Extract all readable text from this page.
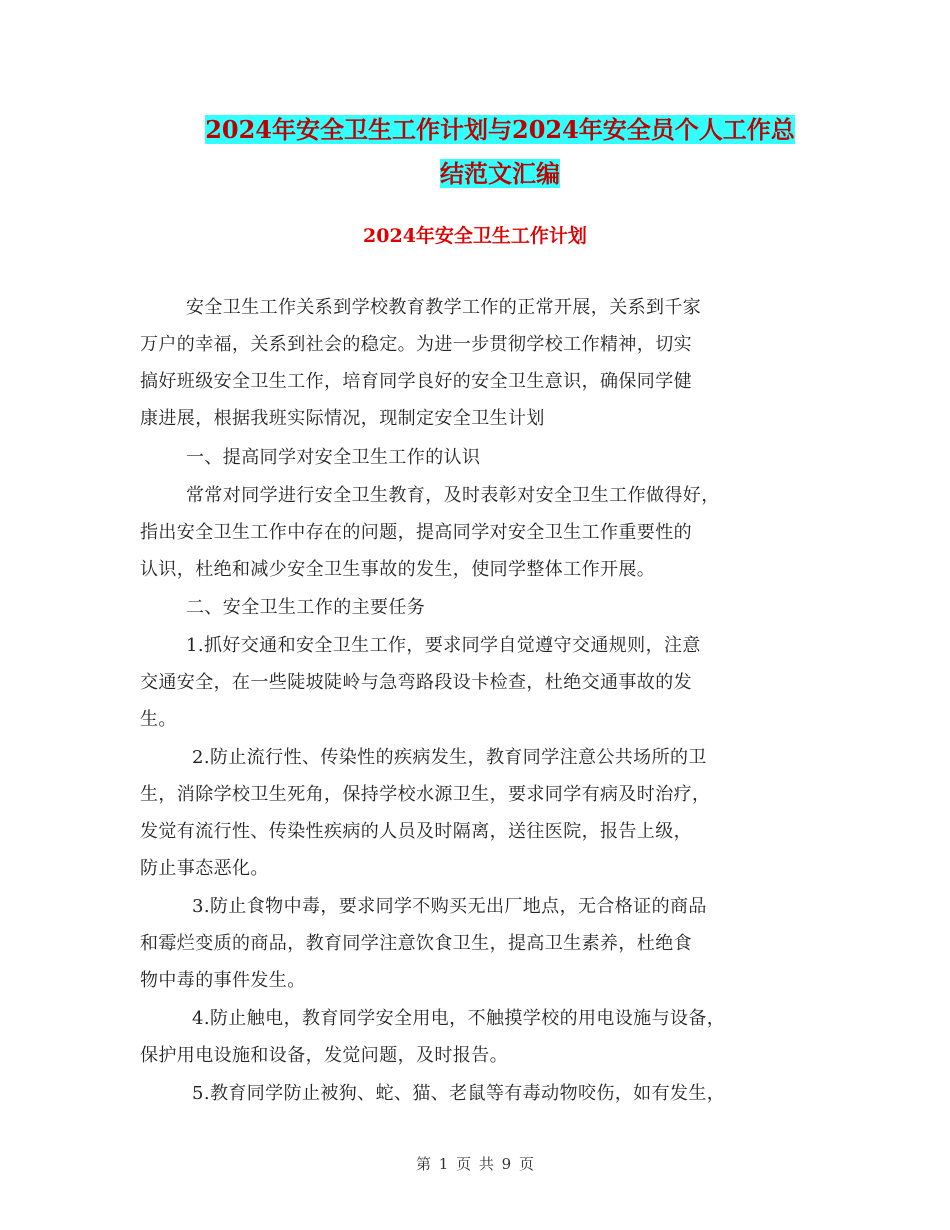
2024年安全卫生工作计划与2024年安全员个人工作总
结范文汇编
2024年安全卫生工作计划
安全卫生工作关系到学校教育教学工作的正常开展，关系到千家
万户的幸福，关系到社会的稳定。为进一步贯彻学校工作精神，切实
搞好班级安全卫生工作，培育同学良好的安全卫生意识，确保同学健
康进展，根据我班实际情况，现制定安全卫生计划
一、提高同学对安全卫生工作的认识
常常对同学进行安全卫生教育，及时表彰对安全卫生工作做得好，
指出安全卫生工作中存在的问题，提高同学对安全卫生工作重要性的
认识，杜绝和减少安全卫生事故的发生，使同学整体工作开展。
二、安全卫生工作的主要任务
1.抓好交通和安全卫生工作，要求同学自觉遵守交通规则，注意
交通安全，在一些陡坡陡岭与急弯路段设卡检查，杜绝交通事故的发
生。
2.防止流行性、传染性的疾病发生，教育同学注意公共场所的卫
生，消除学校卫生死角，保持学校水源卫生，要求同学有病及时治疗，
发觉有流行性、传染性疾病的人员及时隔离，送往医院，报告上级，
防止事态恶化。
3.防止食物中毒，要求同学不购买无出厂地点，无合格证的商品
和霉烂变质的商品，教育同学注意饮食卫生，提高卫生素养，杜绝食
物中毒的事件发生。
4.防止触电，教育同学安全用电，不触摸学校的用电设施与设备，
保护用电设施和设备，发觉问题，及时报告。
5.教育同学防止被狗、蛇、猫、老鼠等有毒动物咬伤，如有发生，
第 1 页 共 9 页
